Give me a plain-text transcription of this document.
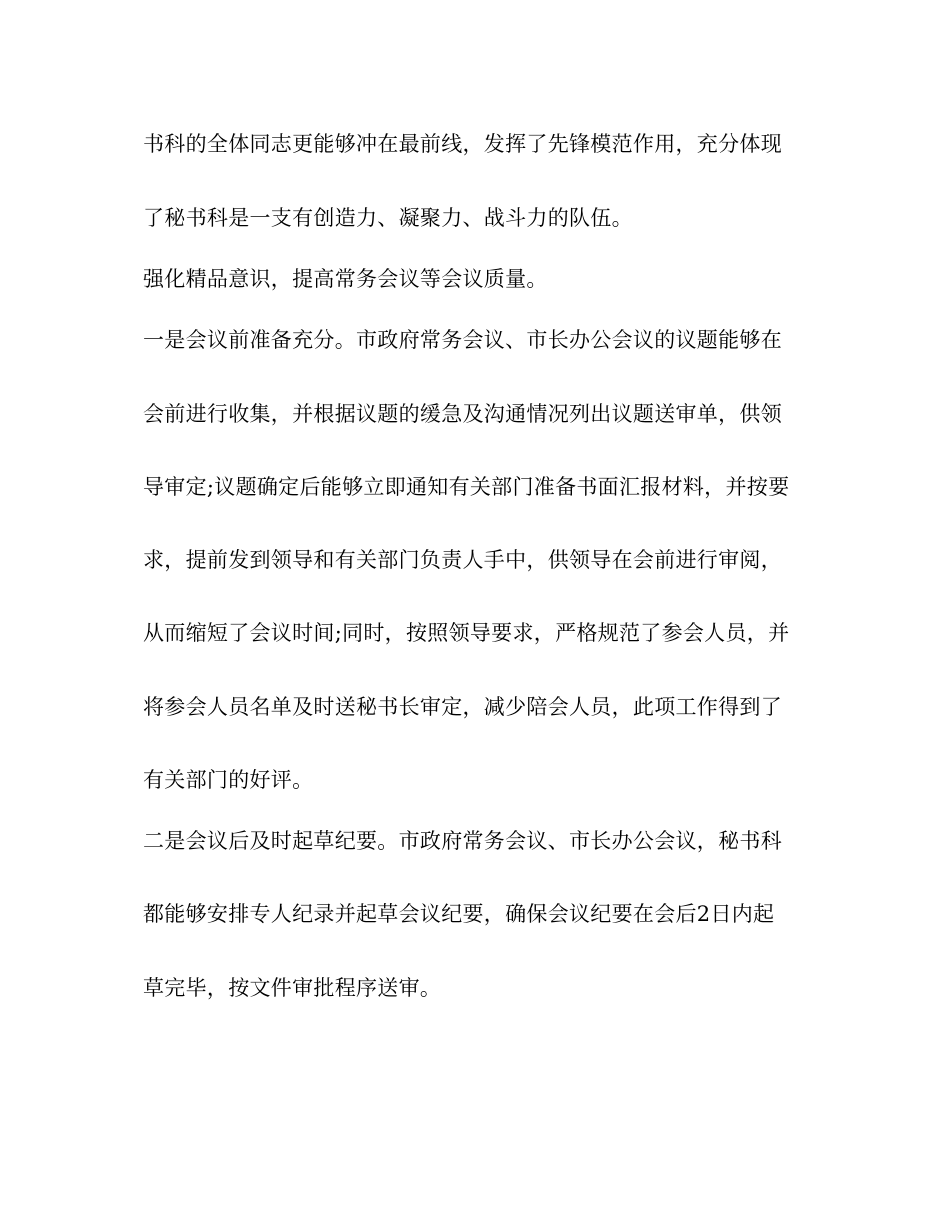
书科的全体同志更能够冲在最前线，发挥了先锋模范作用，充分体现

了秘书科是一支有创造力、凝聚力、战斗力的队伍。

强化精品意识，提高常务会议等会议质量。

一是会议前准备充分。市政府常务会议、市长办公会议的议题能够在

会前进行收集，并根据议题的缓急及沟通情况列出议题送审单，供领

导审定;议题确定后能够立即通知有关部门准备书面汇报材料，并按要

求，提前发到领导和有关部门负责人手中，供领导在会前进行审阅，

从而缩短了会议时间;同时，按照领导要求，严格规范了参会人员，并

将参会人员名单及时送秘书长审定，减少陪会人员，此项工作得到了

有关部门的好评。

二是会议后及时起草纪要。市政府常务会议、市长办公会议，秘书科

都能够安排专人纪录并起草会议纪要，确保会议纪要在会后2日内起

草完毕，按文件审批程序送审。
